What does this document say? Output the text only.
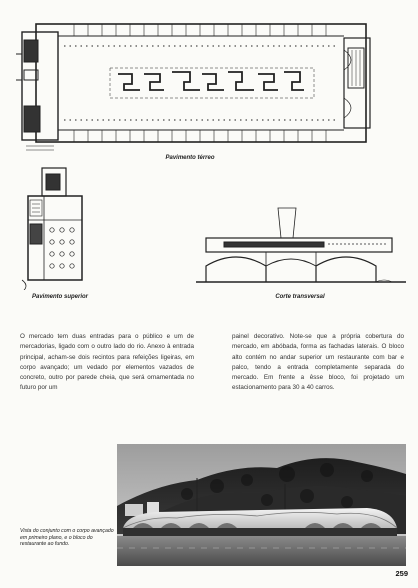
Pavimento térreo
Pavimento superior	Corte transversal
O mercado tem duas entradas para o público e um de mercadorias, ligado com o outro lado do rio. Anexo à entrada principal, acham-se dois recintos para refeições ligeiras, em corpo avançado; um vedado por elementos vazados de concreto, outro por parede cheia, que será ornamentada no futuro por um
painel decorativo. Note-se que a própria cobertura do mercado, em abóbada, forma as fachadas laterais. O bloco alto contém no andar superior um restaurante com bar e palco, tendo a entrada completamente separada do mercado. Em frente a êsse bloco, foi projetado um estacionamento para 30 a 40 carros.
Vista do conjunto com o corpo avançado em primeiro plano, e o bloco do restaurante ao fundo.
259
